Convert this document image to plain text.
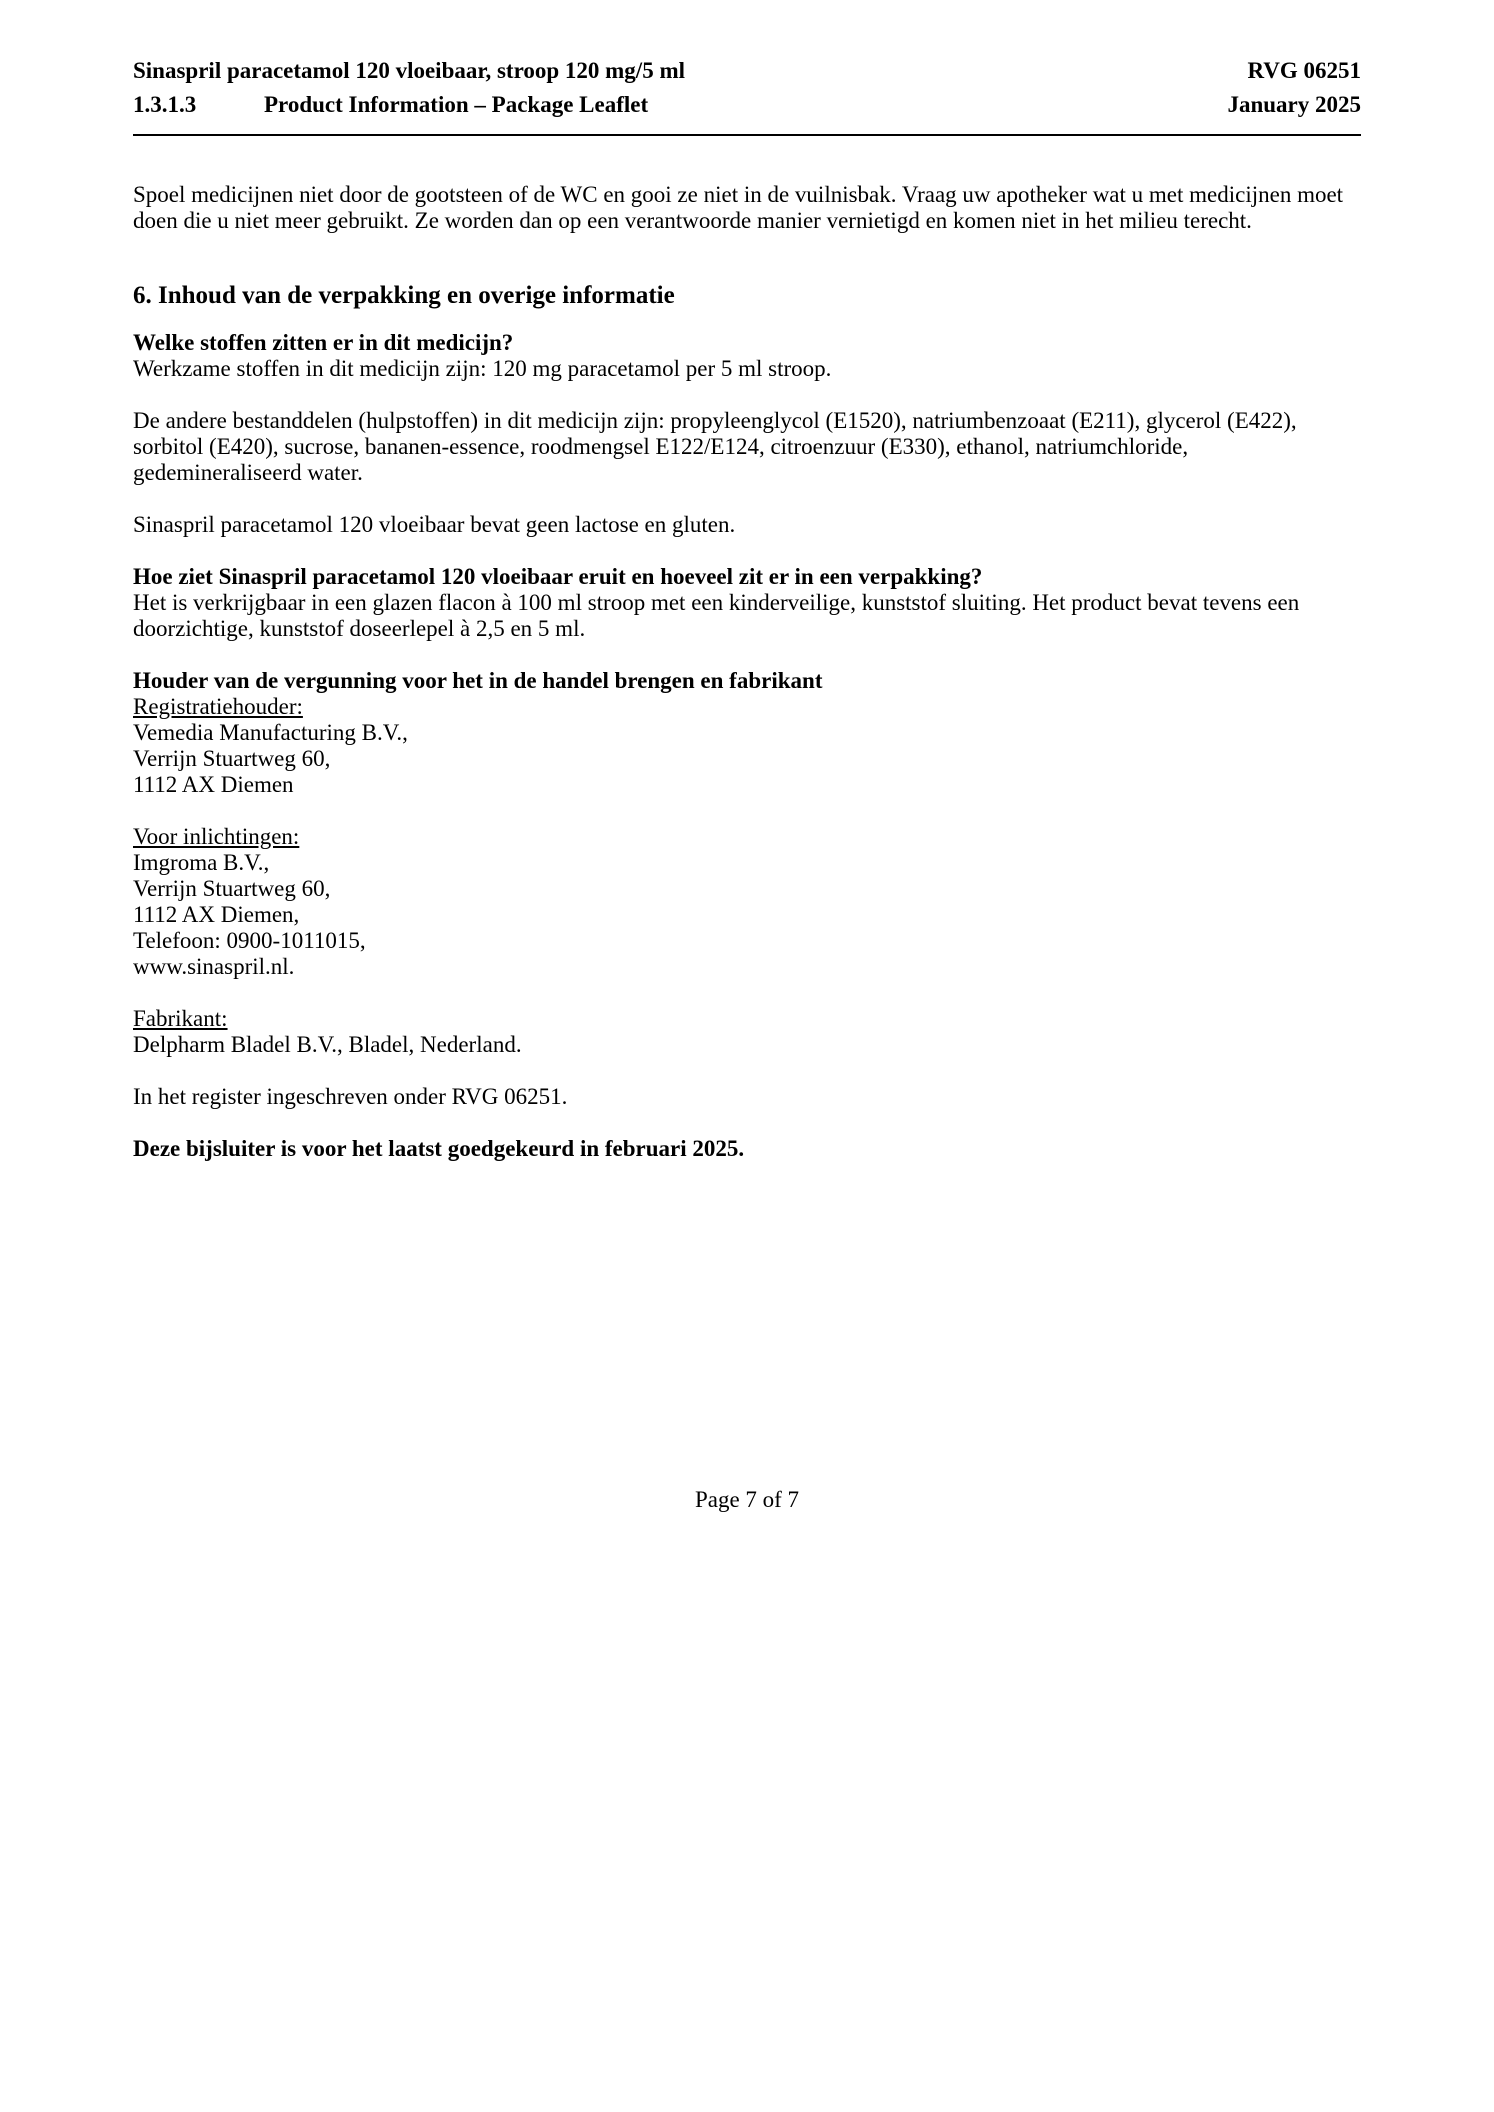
Sinaspril paracetamol 120 vloeibaar, stroop 120 mg/5 ml	RVG 06251
1.3.1.3	Product Information – Package Leaflet	January 2025

Spoel medicijnen niet door de gootsteen of de WC en gooi ze niet in de vuilnisbak. Vraag uw apotheker wat u met medicijnen moet doen die u niet meer gebruikt. Ze worden dan op een verantwoorde manier vernietigd en komen niet in het milieu terecht.

6. Inhoud van de verpakking en overige informatie

Welke stoffen zitten er in dit medicijn?

Werkzame stoffen in dit medicijn zijn: 120 mg paracetamol per 5 ml stroop.

De andere bestanddelen (hulpstoffen) in dit medicijn zijn: propyleenglycol (E1520), natriumbenzoaat (E211), glycerol (E422), sorbitol (E420), sucrose, bananen-essence, roodmengsel E122/E124, citroenzuur (E330), ethanol, natriumchloride, gedemineraliseerd water.

Sinaspril paracetamol 120 vloeibaar bevat geen lactose en gluten.

Hoe ziet Sinaspril paracetamol 120 vloeibaar eruit en hoeveel zit er in een verpakking?

Het is verkrijgbaar in een glazen flacon à 100 ml stroop met een kinderveilige, kunststof sluiting. Het product bevat tevens een doorzichtige, kunststof doseerlepel à 2,5 en 5 ml.

Houder van de vergunning voor het in de handel brengen en fabrikant

Registratiehouder:

Vemedia Manufacturing B.V.,

Verrijn Stuartweg 60,

1112 AX Diemen

Voor inlichtingen:

Imgroma B.V.,

Verrijn Stuartweg 60,

1112 AX Diemen,

Telefoon: 0900-1011015,

www.sinaspril.nl.

Fabrikant:

Delpharm Bladel B.V., Bladel, Nederland.

In het register ingeschreven onder RVG 06251.

Deze bijsluiter is voor het laatst goedgekeurd in februari 2025.

Page 7 of 7
